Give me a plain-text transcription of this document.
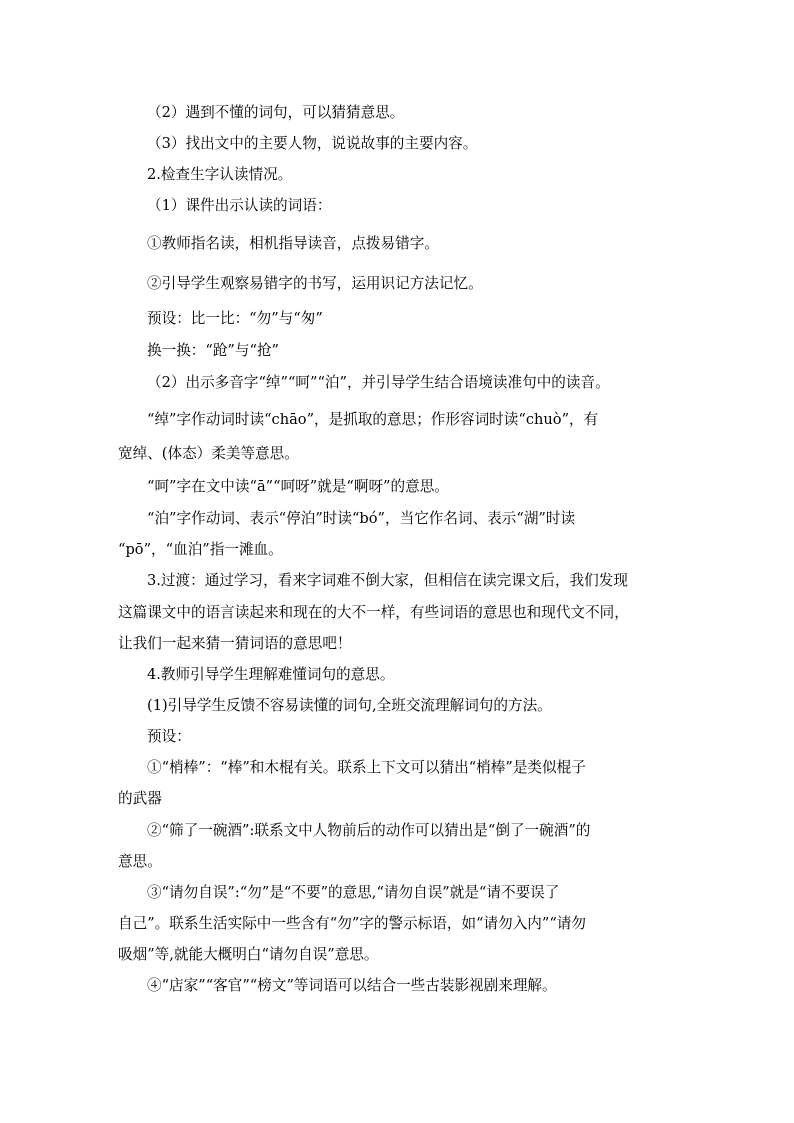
（2）遇到不懂的词句，可以猜猜意思。
（3）找出文中的主要人物，说说故事的主要内容。
2.检查生字认读情况。
（1）课件出示认读的词语：
①教师指名读，相机指导读音，点拨易错字。
②引导学生观察易错字的书写，运用识记方法记忆。
预设：比一比：“勿”与“匆”
换一换：“跄”与“抢”
（2）出示多音字“绰”“呵”“泊”，并引导学生结合语境读准句中的读音。
“绰”字作动词时读“chāo”，是抓取的意思；作形容词时读“chuò”，有
宽绰、(体态）柔美等意思。
“呵”字在文中读“ā”“呵呀”就是“啊呀”的意思。
“泊”字作动词、表示“停泊”时读“bó”，当它作名词、表示“湖”时读
“pō”，“血泊”指一滩血。
3.过渡：通过学习，看来字词难不倒大家，但相信在读完课文后，我们发现
这篇课文中的语言读起来和现在的大不一样，有些词语的意思也和现代文不同，
让我们一起来猜一猜词语的意思吧！
4.教师引导学生理解难懂词句的意思。
(1)引导学生反馈不容易读懂的词句,全班交流理解词句的方法。
预设：
①“梢棒”：“棒”和木棍有关。联系上下文可以猜出“梢棒”是类似棍子
的武器
②“筛了一碗酒”:联系文中人物前后的动作可以猜出是“倒了一碗酒”的
意思。
③“请勿自误”:“勿”是“不要”的意思,“请勿自误”就是“请不要误了
自己”。联系生活实际中一些含有“勿”字的警示标语，如“请勿入内”“请勿
吸烟”等,就能大概明白“请勿自误”意思。
④“店家”“客官”“榜文”等词语可以结合一些古装影视剧来理解。
